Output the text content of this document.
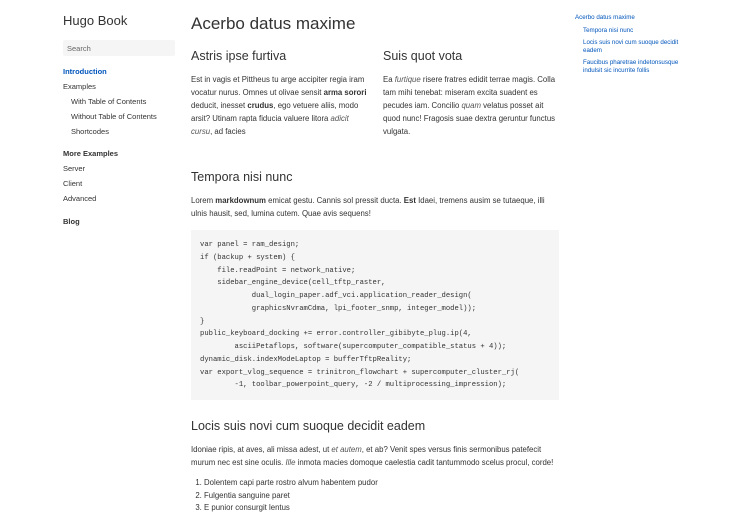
Hugo Book
Search
Introduction
Examples
With Table of Contents
Without Table of Contents
Shortcodes
More Examples
Server
Client
Advanced
Blog
Acerbo datus maxime
Astris ipse furtiva

Est in vagis et Pittheus tu arge accipiter regia iram vocatur nurus. Omnes ut olivae sensit arma sorori deducit, inesset crudus, ego vetuere aliis, modo arsit? Utinam rapta fiducia valuere litora adicit cursu, ad facies

Suis quot vota

Ea furtique risere fratres edidit terrae magis. Colla tam mihi tenebat: miseram excita suadent es pecudes iam. Concilio quam velatus posset ait quod nunc! Fragosis suae dextra geruntur functus vulgata.

Tempora nisi nunc

Lorem markdownum emicat gestu. Cannis sol pressit ducta. Est Idaei, tremens ausim se tutaeque, illi ulnis hausit, sed, lumina cutem. Quae avis sequens!

var panel = ram_design;
if (backup + system) {
file.readPoint = network_native;
sidebar_engine_device(cell_tftp_raster,
dual_login_paper.adf_vci.application_reader_design(
graphicsNvramCdma, lpi_footer_snmp, integer_model));
}
public_keyboard_docking += error.controller_gibibyte_plug.ip(4,
asciiPetaflops, software(supercomputer_compatible_status + 4));
dynamic_disk.indexModeLaptop = bufferTftpReality;
var export_vlog_sequence = trinitron_flowchart + supercomputer_cluster_rj(
-1, toolbar_powerpoint_query, -2 / multiprocessing_impression);
Locis suis novi cum suoque decidit eadem

Idoniae ripis, at aves, ali missa adest, ut et autem, et ab? Venit spes versus finis sermonibus patefecit murum nec est sine oculis. Ille inmota macies domoque caelestia cadit tantummodo scelus procul, corde!

1. Dolentem capi parte rostro alvum habentem pudor
2. Fulgentia sanguine paret
3. E punior consurgit lentus
Acerbo datus maxime
Tempora nisi nunc
Locis suis novi cum suoque decidit eadem
Faucibus pharetrae indetonsusque indulsit sic incurrite follis
